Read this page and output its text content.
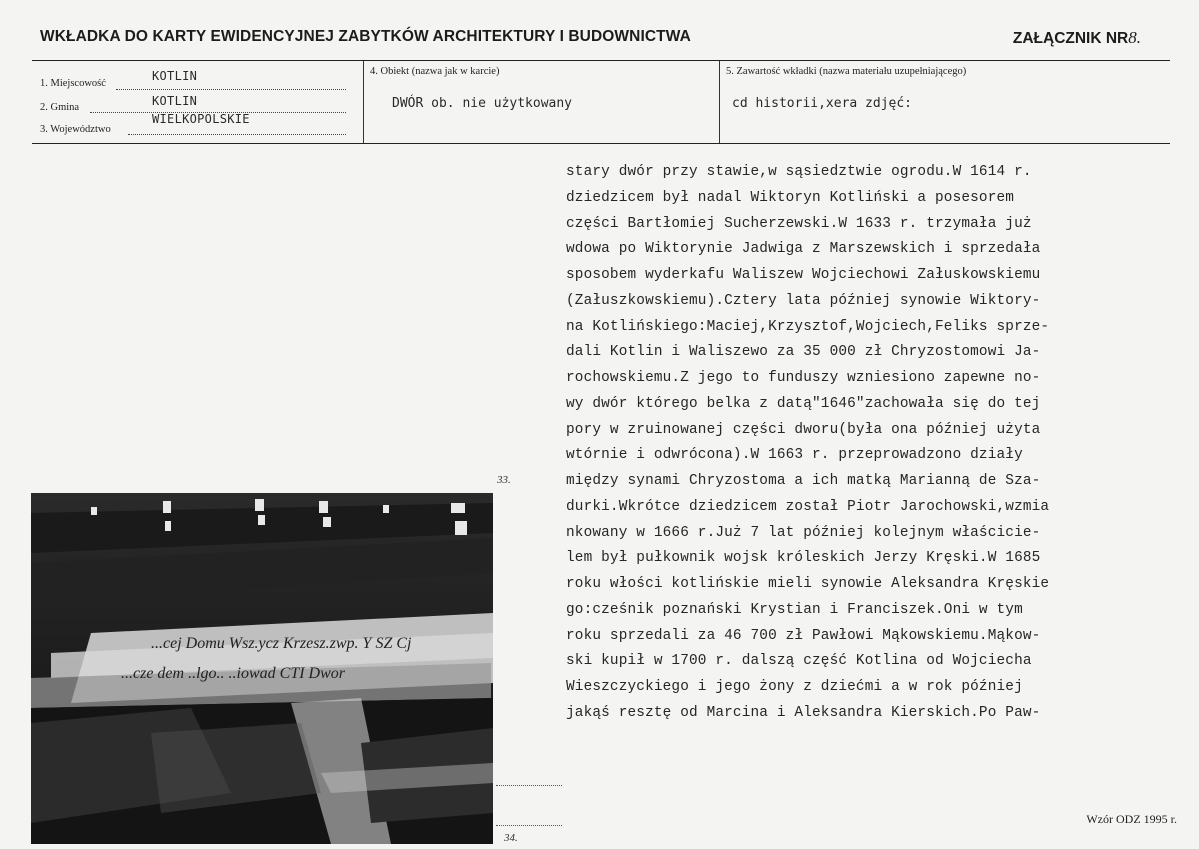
WKŁADKA DO KARTY EWIDENCYJNEJ ZABYTKÓW ARCHITEKTURY I BUDOWNICTWA	ZAŁĄCZNIK NR8.
1. Miejscowość
KOTLIN
2. Gmina	KOTLIN
3. Województwo
WIELKOPOLSKIE
4. Obiekt (nazwa jak w karcie)
DWÓR ob. nie użytkowany
5. Zawartość wkładki (nazwa materiału uzupełniającego)
cd historii,xera zdjęć:
stary dwór przy stawie,w sąsiedztwie ogrodu.W 1614 r.
dziedzicem był nadal Wiktoryn Kotliński a posesorem
części Bartłomiej Sucherzewski.W 1633 r. trzymała już
wdowa po Wiktorynie Jadwiga z Marszewskich i sprzedała
sposobem wyderkafu Waliszew Wojciechowi Załuskowskiemu
(Załuszkowskiemu).Cztery lata później synowie Wiktory-
na Kotlińskiego:Maciej,Krzysztof,Wojciech,Feliks sprze-
dali Kotlin i Waliszewo za 35 000 zł Chryzostomowi Ja-
rochowskiemu.Z jego to funduszy wzniesiono zapewne no-
wy dwór którego belka z datą"1646"zachowała się do tej
pory w zruinowanej części dworu(była ona później użyta
wtórnie i odwrócona).W 1663 r. przeprowadzono działy
między synami Chryzostoma a ich matką Marianną de Sza-
durki.Wkrótce dziedzicem został Piotr Jarochowski,wzmia
nkowany w 1666 r.Już 7 lat później kolejnym właścicie-
lem był pułkownik wojsk króleskich Jerzy Kręski.W 1685
roku włości kotlińskie mieli synowie Aleksandra Kręskie
go:cześnik poznański Krystian i Franciszek.Oni w tym
roku sprzedali za 46 700 zł Pawłowi Mąkowskiemu.Mąkow-
ski kupił w 1700 r. dalszą część Kotlina od Wojciecha
Wieszczyckiego i jego żony z dziećmi a w rok później
jakąś resztę od Marcina i Aleksandra Kierskich.Po Paw-
33.
...cej Domu Wsz.ycz Krzesz.zwp. Y SZ Cj
...cze dem ..lgo.. ..iowad CTI Dwor
34.
Wzór ODZ 1995 r.
